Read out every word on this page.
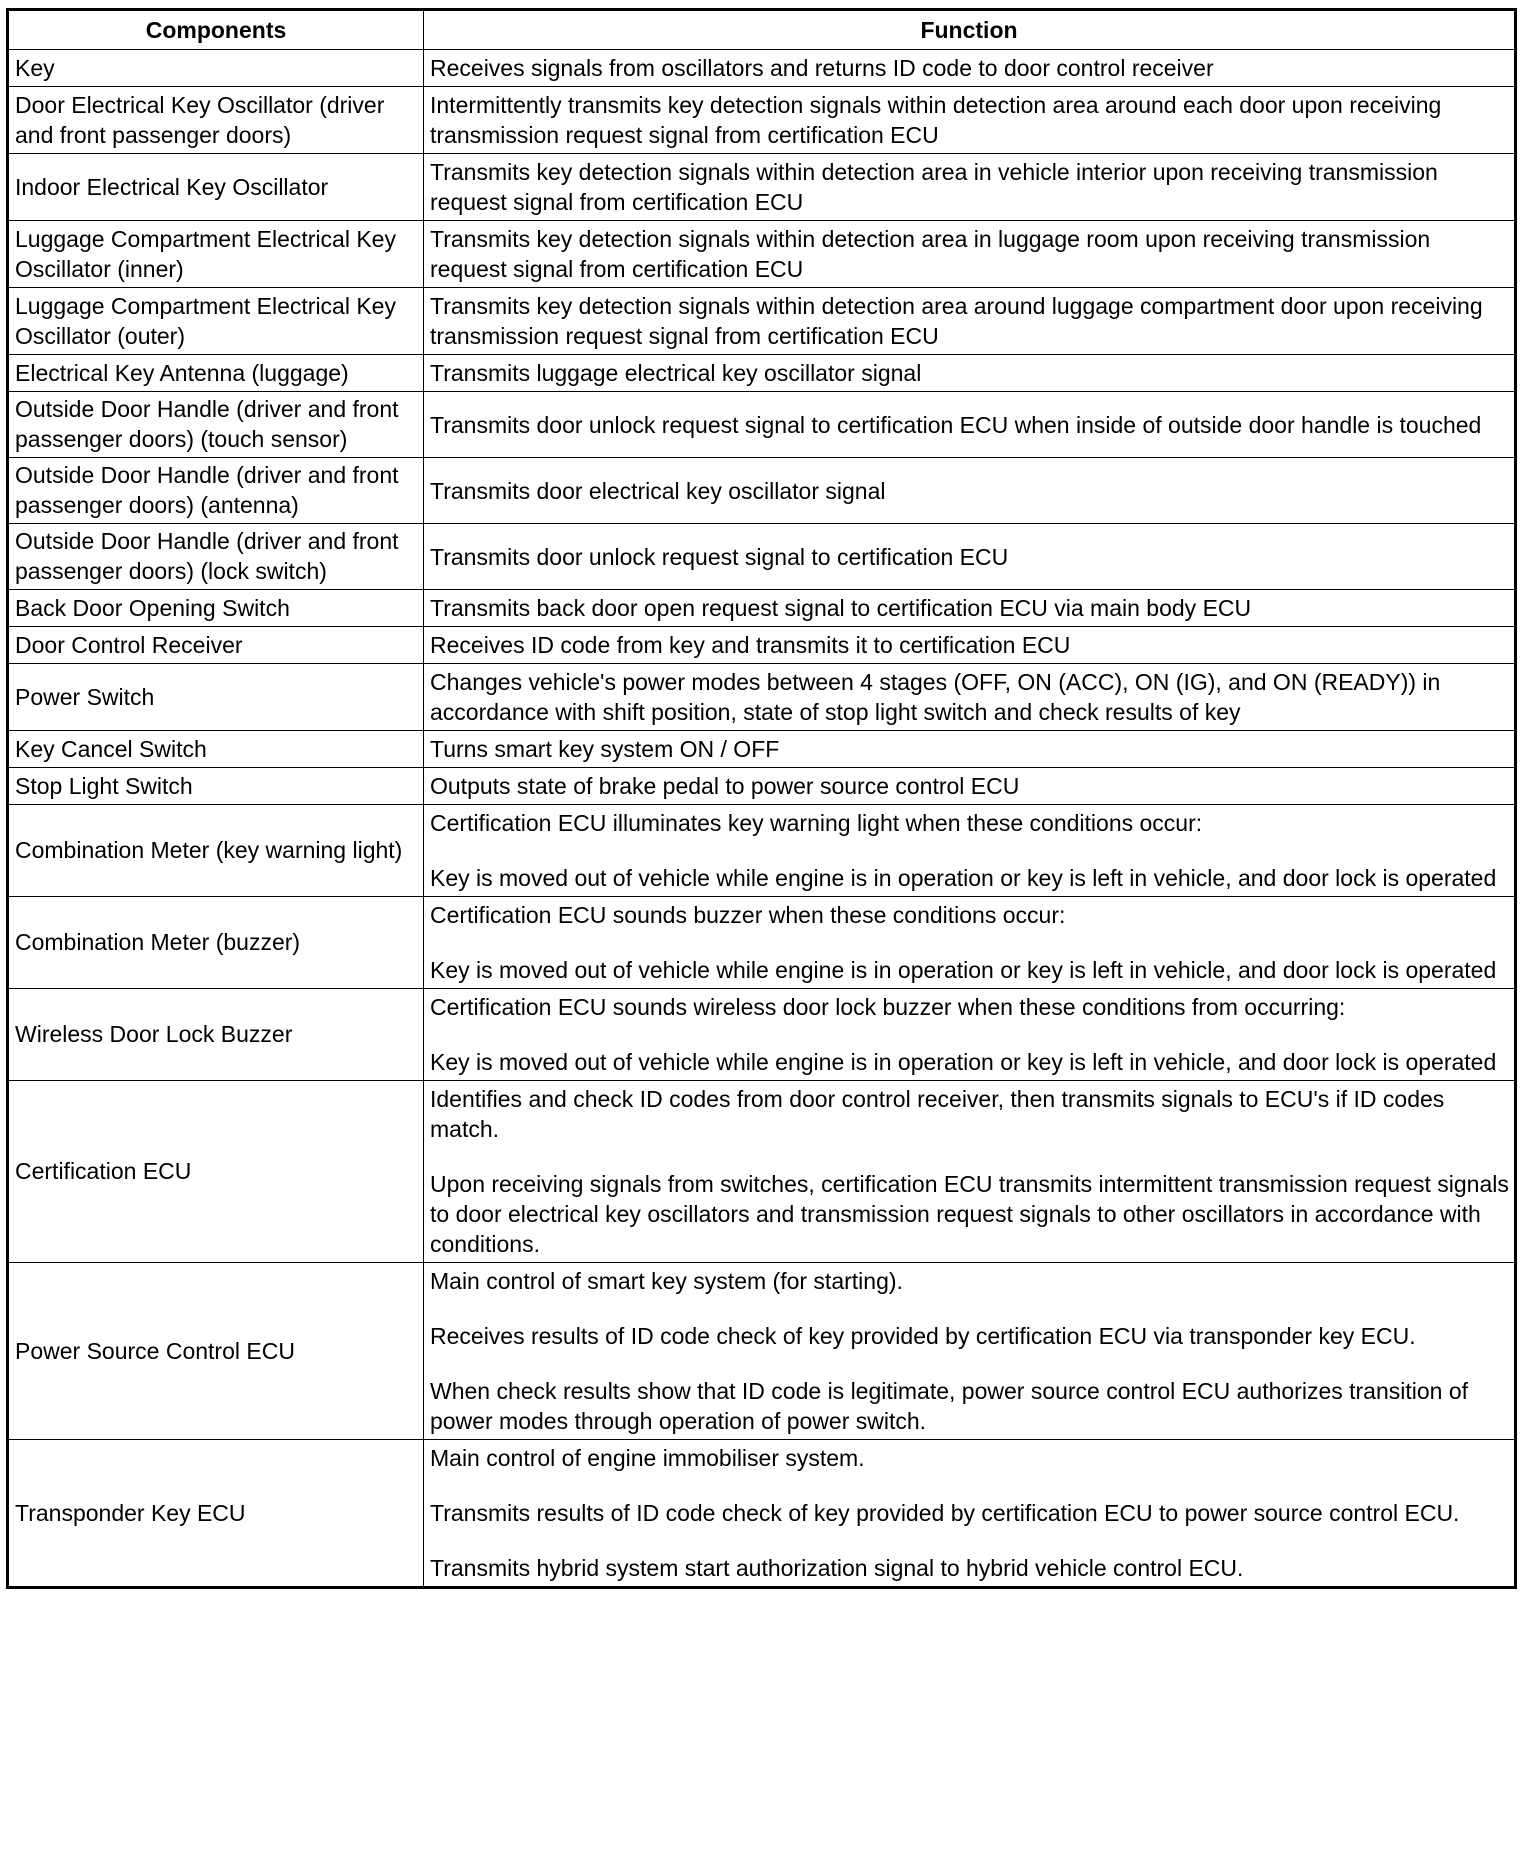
Components	Function
Key	Receives signals from oscillators and returns ID code to door control receiver

Door Electrical Key Oscillator (driver and front passenger doors)	Intermittently transmits key detection signals within detection area around each door upon receiving transmission request signal from certification ECU

Indoor Electrical Key Oscillator	Transmits key detection signals within detection area in vehicle interior upon receiving transmission request signal from certification ECU

Luggage Compartment Electrical Key Oscillator (inner)	Transmits key detection signals within detection area in luggage room upon receiving transmission request signal from certification ECU

Luggage Compartment Electrical Key Oscillator (outer)	Transmits key detection signals within detection area around luggage compartment door upon receiving transmission request signal from certification ECU

Electrical Key Antenna (luggage)	Transmits luggage electrical key oscillator signal

Outside Door Handle (driver and front passenger doors) (touch sensor)	Transmits door unlock request signal to certification ECU when inside of outside door handle is touched

Outside Door Handle (driver and front passenger doors) (antenna)	Transmits door electrical key oscillator signal

Outside Door Handle (driver and front passenger doors) (lock switch)	Transmits door unlock request signal to certification ECU

Back Door Opening Switch	Transmits back door open request signal to certification ECU via main body ECU

Door Control Receiver	Receives ID code from key and transmits it to certification ECU

Power Switch	Changes vehicle's power modes between 4 stages (OFF, ON (ACC), ON (IG), and ON (READY)) in accordance with shift position, state of stop light switch and check results of key

Key Cancel Switch	Turns smart key system ON / OFF

Stop Light Switch	Outputs state of brake pedal to power source control ECU

Combination Meter (key warning light)	Certification ECU illuminates key warning light when these conditions occur:

Key is moved out of vehicle while engine is in operation or key is left in vehicle, and door lock is operated

Combination Meter (buzzer)	Certification ECU sounds buzzer when these conditions occur:

Key is moved out of vehicle while engine is in operation or key is left in vehicle, and door lock is operated

Wireless Door Lock Buzzer	Certification ECU sounds wireless door lock buzzer when these conditions from occurring:

Key is moved out of vehicle while engine is in operation or key is left in vehicle, and door lock is operated

Certification ECU	Identifies and check ID codes from door control receiver, then transmits signals to ECU's if ID codes match.

Upon receiving signals from switches, certification ECU transmits intermittent transmission request signals to door electrical key oscillators and transmission request signals to other oscillators in accordance with conditions.

Power Source Control ECU	Main control of smart key system (for starting).

Receives results of ID code check of key provided by certification ECU via transponder key ECU.

When check results show that ID code is legitimate, power source control ECU authorizes transition of power modes through operation of power switch.

Transponder Key ECU	Main control of engine immobiliser system.

Transmits results of ID code check of key provided by certification ECU to power source control ECU.

Transmits hybrid system start authorization signal to hybrid vehicle control ECU.
